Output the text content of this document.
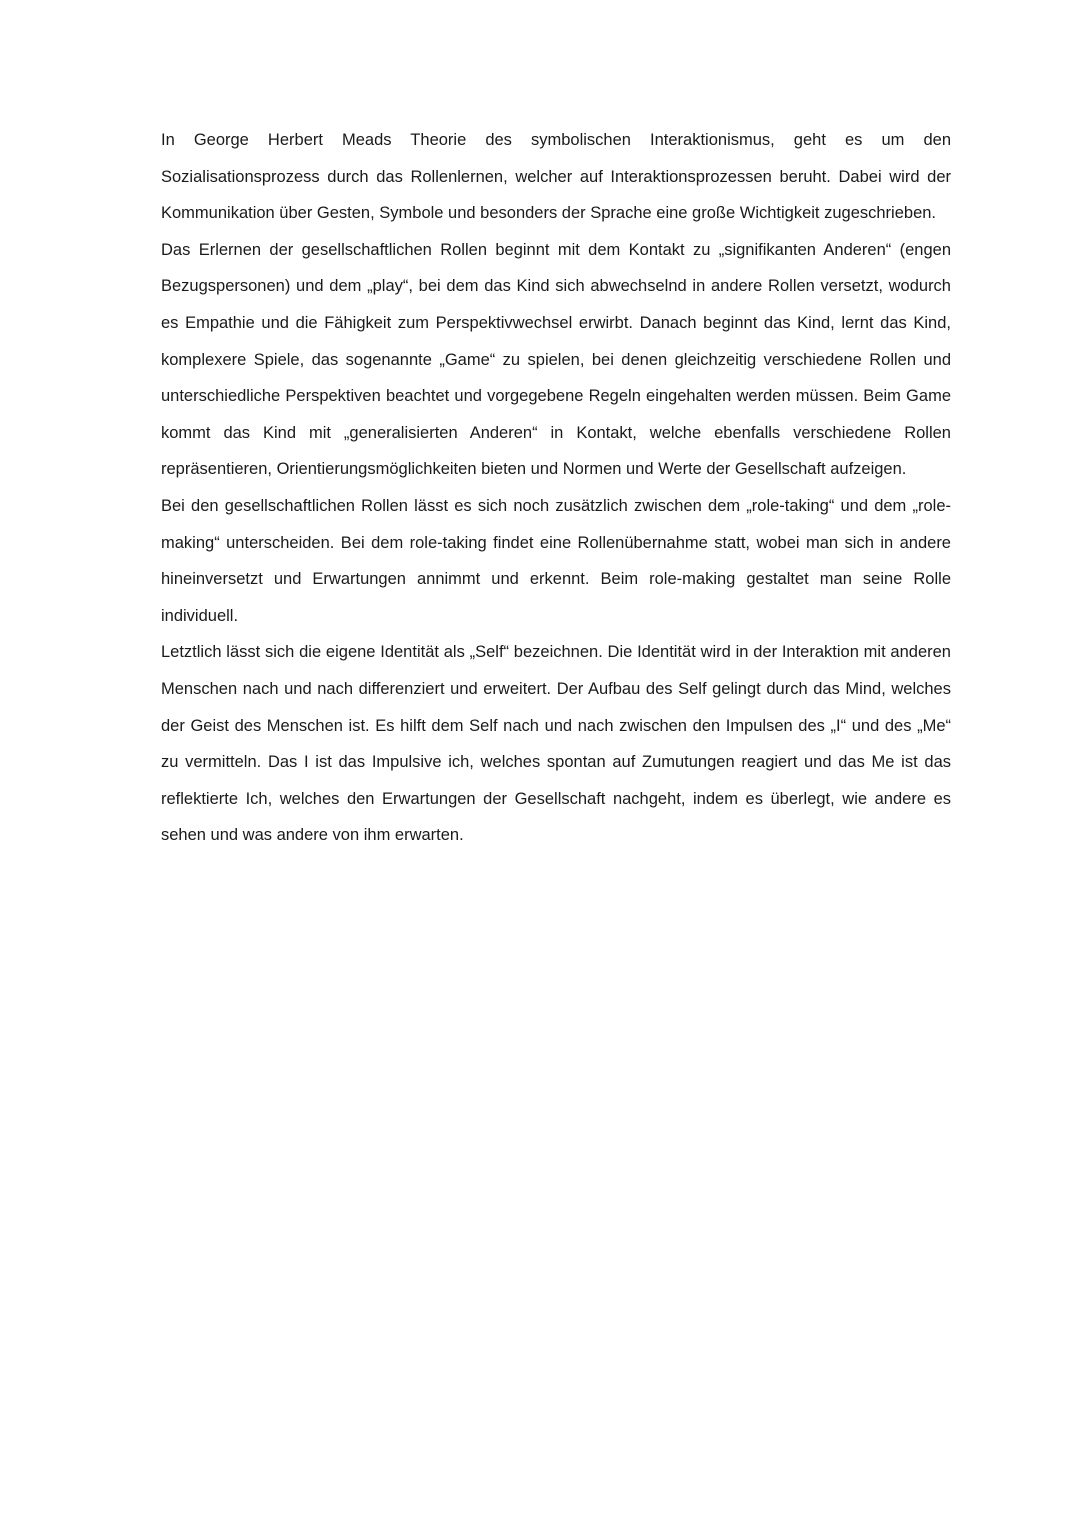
In George Herbert Meads Theorie des symbolischen Interaktionismus, geht es um den Sozialisationsprozess durch das Rollenlernen, welcher auf Interaktionsprozessen beruht. Dabei wird der Kommunikation über Gesten, Symbole und besonders der Sprache eine große Wichtigkeit zugeschrieben.

Das Erlernen der gesellschaftlichen Rollen beginnt mit dem Kontakt zu „signifikanten Anderen“ (engen Bezugspersonen) und dem „play“, bei dem das Kind sich abwechselnd in andere Rollen versetzt, wodurch es Empathie und die Fähigkeit zum Perspektivwechsel erwirbt. Danach beginnt das Kind, lernt das Kind, komplexere Spiele, das sogenannte „Game“ zu spielen, bei denen gleichzeitig verschiedene Rollen und unterschiedliche Perspektiven beachtet und vorgegebene Regeln eingehalten werden müssen. Beim Game kommt das Kind mit „generalisierten Anderen“ in Kontakt, welche ebenfalls verschiedene Rollen repräsentieren, Orientierungsmöglichkeiten bieten und Normen und Werte der Gesellschaft aufzeigen.

Bei den gesellschaftlichen Rollen lässt es sich noch zusätzlich zwischen dem „role-taking“ und dem „role-making“ unterscheiden. Bei dem role-taking findet eine Rollenübernahme statt, wobei man sich in andere hineinversetzt und Erwartungen annimmt und erkennt. Beim role-making gestaltet man seine Rolle individuell.

Letztlich lässt sich die eigene Identität als „Self“ bezeichnen. Die Identität wird in der Interaktion mit anderen Menschen nach und nach differenziert und erweitert. Der Aufbau des Self gelingt durch das Mind, welches der Geist des Menschen ist. Es hilft dem Self nach und nach zwischen den Impulsen des „I“ und des „Me“ zu vermitteln. Das I ist das Impulsive ich, welches spontan auf Zumutungen reagiert und das Me ist das reflektierte Ich, welches den Erwartungen der Gesellschaft nachgeht, indem es überlegt, wie andere es sehen und was andere von ihm erwarten.
